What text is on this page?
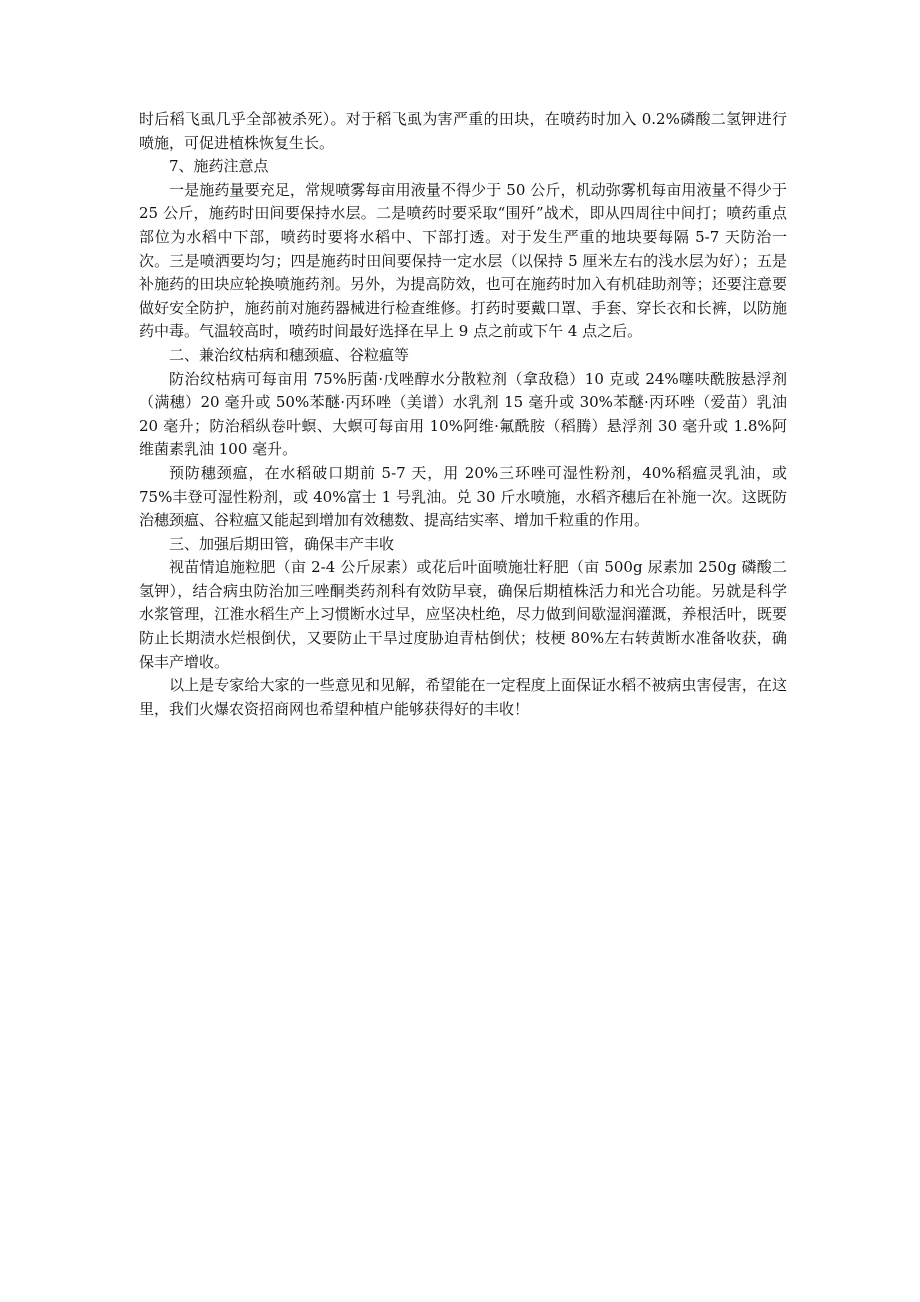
时后稻飞虱几乎全部被杀死）。对于稻飞虱为害严重的田块，在喷药时加入 0.2%磷酸二氢钾进行喷施，可促进植株恢复生长。

7、施药注意点

一是施药量要充足，常规喷雾每亩用液量不得少于 50 公斤，机动弥雾机每亩用液量不得少于 25 公斤，施药时田间要保持水层。二是喷药时要采取“围歼”战术，即从四周往中间打；喷药重点部位为水稻中下部，喷药时要将水稻中、下部打透。对于发生严重的地块要每隔 5-7 天防治一次。三是喷洒要均匀；四是施药时田间要保持一定水层（以保持 5 厘米左右的浅水层为好）；五是补施药的田块应轮换喷施药剂。另外，为提高防效，也可在施药时加入有机硅助剂等；还要注意要做好安全防护，施药前对施药器械进行检查维修。打药时要戴口罩、手套、穿长衣和长裤，以防施药中毒。气温较高时，喷药时间最好选择在早上 9 点之前或下午 4 点之后。

二、兼治纹枯病和穗颈瘟、谷粒瘟等

防治纹枯病可每亩用 75%肟菌·戊唑醇水分散粒剂（拿敌稳）10 克或 24%噻呋酰胺悬浮剂（满穗）20 毫升或 50%苯醚·丙环唑（美谱）水乳剂 15 毫升或 30%苯醚·丙环唑（爱苗）乳油 20 毫升；防治稻纵卷叶螟、大螟可每亩用 10%阿维·氟酰胺（稻腾）悬浮剂 30 毫升或 1.8%阿维菌素乳油 100 毫升。

预防穗颈瘟，在水稻破口期前 5-7 天，用 20%三环唑可湿性粉剂，40%稻瘟灵乳油，或 75%丰登可湿性粉剂，或 40%富士 1 号乳油。兑 30 斤水喷施，水稻齐穗后在补施一次。这既防治穗颈瘟、谷粒瘟又能起到增加有效穗数、提高结实率、增加千粒重的作用。

三、加强后期田管，确保丰产丰收

视苗情追施粒肥（亩 2-4 公斤尿素）或花后叶面喷施壮籽肥（亩 500g 尿素加 250g 磷酸二氢钾），结合病虫防治加三唑酮类药剂科有效防早衰，确保后期植株活力和光合功能。另就是科学水浆管理，江淮水稻生产上习惯断水过早，应坚决杜绝，尽力做到间歇湿润灌溉，养根活叶，既要防止长期渍水烂根倒伏，又要防止干旱过度胁迫青枯倒伏；枝梗 80%左右转黄断水准备收获，确保丰产增收。

以上是专家给大家的一些意见和见解，希望能在一定程度上面保证水稻不被病虫害侵害，在这里，我们火爆农资招商网也希望种植户能够获得好的丰收！
